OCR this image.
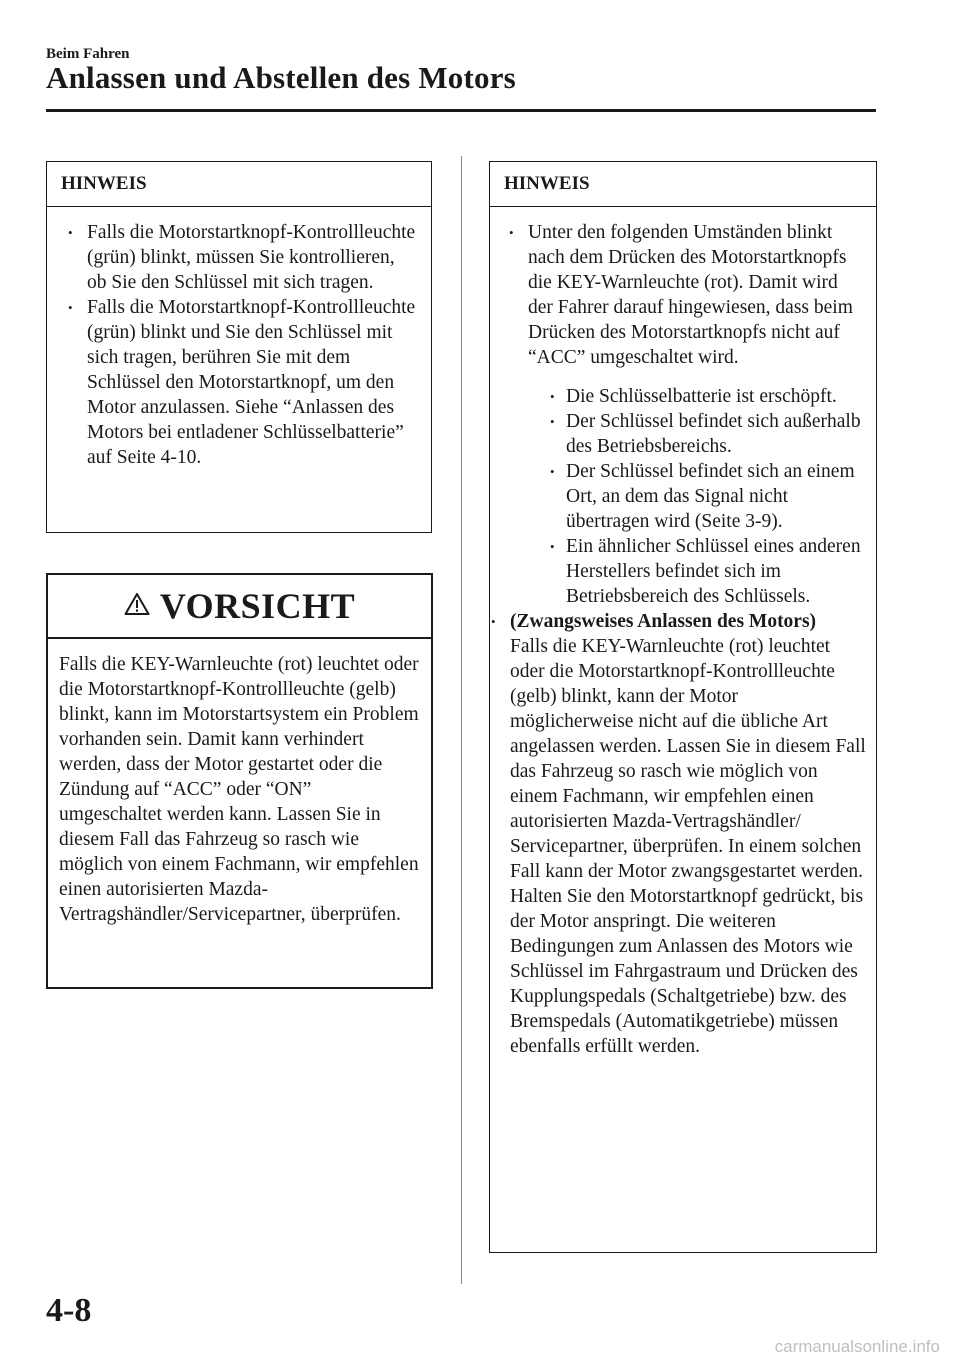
Beim Fahren
Anlassen und Abstellen des Motors
HINWEIS
• Falls die Motorstartknopf-Kontrollleuchte (grün) blinkt, müssen Sie kontrollieren, ob Sie den Schlüssel mit sich tragen.
• Falls die Motorstartknopf-Kontrollleuchte (grün) blinkt und Sie den Schlüssel mit sich tragen, berühren Sie mit dem Schlüssel den Motorstartknopf, um den Motor anzulassen. Siehe “Anlassen des Motors bei entladener Schlüsselbatterie” auf Seite 4-10.
VORSICHT
Falls die KEY-Warnleuchte (rot) leuchtet oder die Motorstartknopf-Kontrollleuchte (gelb) blinkt, kann im Motorstartsystem ein Problem vorhanden sein. Damit kann verhindert werden, dass der Motor gestartet oder die Zündung auf “ACC” oder “ON” umgeschaltet werden kann. Lassen Sie in diesem Fall das Fahrzeug so rasch wie möglich von einem Fachmann, wir empfehlen einen autorisierten Mazda-Vertragshändler/Servicepartner, überprüfen.
HINWEIS
• Unter den folgenden Umständen blinkt nach dem Drücken des Motorstartknopfs die KEY-Warnleuchte (rot). Damit wird der Fahrer darauf hingewiesen, dass beim Drücken des Motorstartknopfs nicht auf “ACC” umgeschaltet wird.
• Die Schlüsselbatterie ist erschöpft.
• Der Schlüssel befindet sich außerhalb des Betriebsbereichs.
• Der Schlüssel befindet sich an einem Ort, an dem das Signal nicht übertragen wird (Seite 3-9).
• Ein ähnlicher Schlüssel eines anderen Herstellers befindet sich im Betriebsbereich des Schlüssels.
• (Zwangsweises Anlassen des Motors)
Falls die KEY-Warnleuchte (rot) leuchtet oder die Motorstartknopf-Kontrollleuchte (gelb) blinkt, kann der Motor möglicherweise nicht auf die übliche Art angelassen werden. Lassen Sie in diesem Fall das Fahrzeug so rasch wie möglich von einem Fachmann, wir empfehlen einen autorisierten Mazda-Vertragshändler/ Servicepartner, überprüfen. In einem solchen Fall kann der Motor zwangsgestartet werden. Halten Sie den Motorstartknopf gedrückt, bis der Motor anspringt. Die weiteren Bedingungen zum Anlassen des Motors wie Schlüssel im Fahrgastraum und Drücken des Kupplungspedals (Schaltgetriebe) bzw. des Bremspedals (Automatikgetriebe) müssen ebenfalls erfüllt werden.
4-8
carmanualsonline.info
